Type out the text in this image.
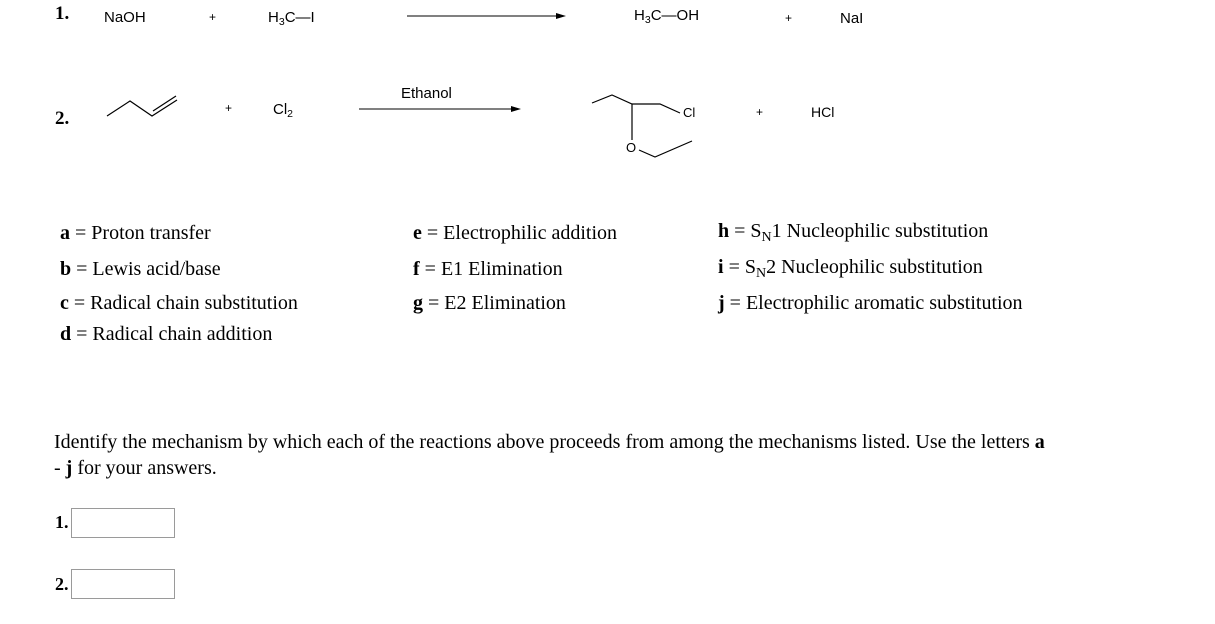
1. NaOH	+	$H_3C—I$	$H_3C—OH$	+	NaI
2.	+	$Cl_2$
Ethanol
Cl
O
+	HCl
a = Proton transfer
b = Lewis acid/base
c = Radical chain substitution
d = Radical chain addition
e = Electrophilic addition
f = E1 Elimination
g = E2 Elimination
$h = S_N1$ Nucleophilic substitution
$i = S_N2$ Nucleophilic substitution
j = Electrophilic aromatic substitution
Identify the mechanism by which each of the reactions above proceeds from among the mechanisms listed. Use the letters a
- j for your answers.
1.
2.
